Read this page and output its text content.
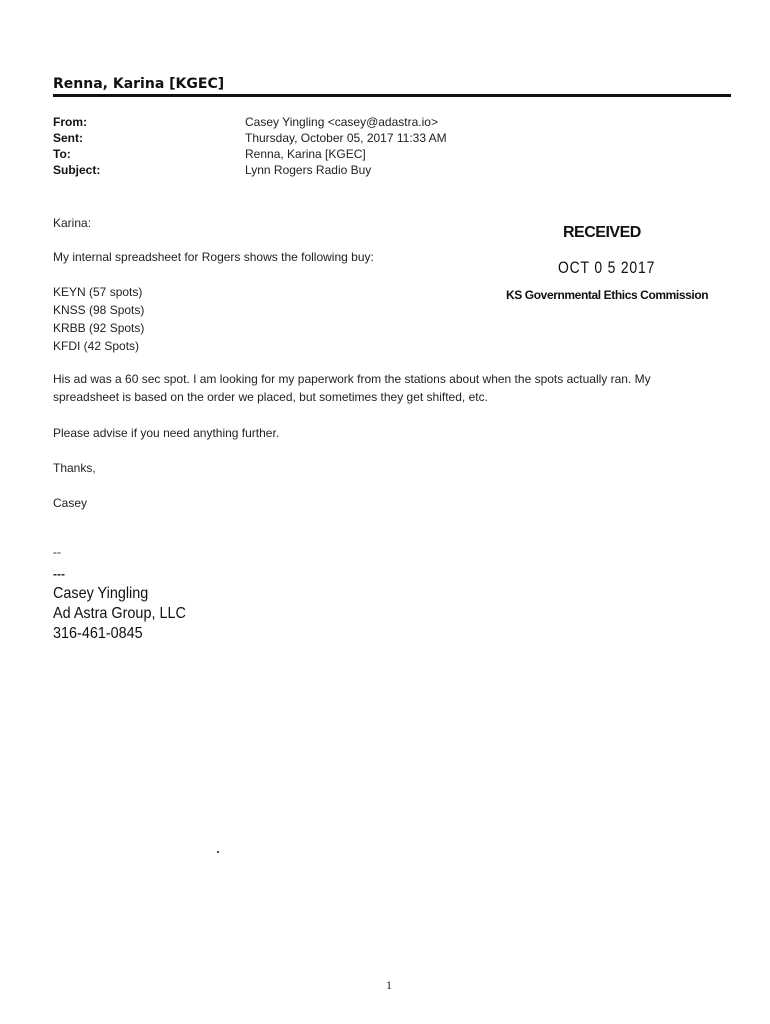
Renna, Karina [KGEC]
From:	Casey Yingling <casey@adastra.io>
Sent:	Thursday, October 05, 2017 11:33 AM
To:	Renna, Karina [KGEC]
Subject:	Lynn Rogers Radio Buy
Karina:
My internal spreadsheet for Rogers shows the following buy:
KEYN (57 spots)
KNSS (98 Spots)
KRBB (92 Spots)
KFDI (42 Spots)
RECEIVED
OCT 0 5 2017
KS Governmental Ethics Commission
His ad was a 60 sec spot. I am looking for my paperwork from the stations about when the spots actually ran. My
spreadsheet is based on the order we placed, but sometimes they get shifted, etc.
Please advise if you need anything further.
Thanks,
Casey
--
---
Casey Yingling
Ad Astra Group, LLC
316-461-0845
1
